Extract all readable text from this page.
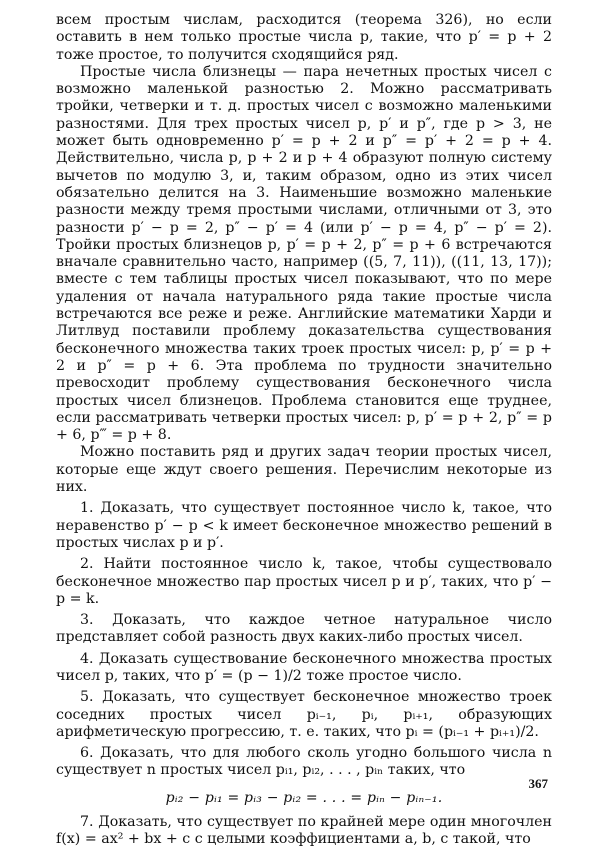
всем простым числам, расходится (теорема 326), но если оставить в нем только простые числа p, такие, что p′ = p + 2 тоже простое, то получится сходящийся ряд.

Простые числа близнецы — пара нечетных простых чисел с возможно маленькой разностью 2. Можно рассматривать тройки, четверки и т. д. простых чисел с возможно маленькими разностями. Для трех простых чисел p, p′ и p″, где p > 3, не может быть одновременно p′ = p + 2 и p″ = p′ + 2 = p + 4. Действительно, числа p, p + 2 и p + 4 образуют полную систему вычетов по модулю 3, и, таким образом, одно из этих чисел обязательно делится на 3. Наименьшие возможно маленькие разности между тремя простыми числами, отличными от 3, это разности p′ − p = 2, p″ − p′ = 4 (или p′ − p = 4, p″ − p′ = 2). Тройки простых близнецов p, p′ = p + 2, p″ = p + 6 встречаются вначале сравнительно часто, например ((5, 7, 11)), ((11, 13, 17)); вместе с тем таблицы простых чисел показывают, что по мере удаления от начала натурального ряда такие простые числа встречаются все реже и реже. Английские математики Харди и Литлвуд поставили проблему доказательства существования бесконечного множества таких троек простых чисел: p, p′ = p + 2 и p″ = p + 6. Эта проблема по трудности значительно превосходит проблему существования бесконечного числа простых чисел близнецов. Проблема становится еще труднее, если рассматривать четверки простых чисел: p, p′ = p + 2, p″ = p + 6, p‴ = p + 8.

Можно поставить ряд и других задач теории простых чисел, которые еще ждут своего решения. Перечислим некоторые из них.

1. Доказать, что существует постоянное число k, такое, что неравенство p′ − p < k имеет бесконечное множество решений в простых числах p и p′.

2. Найти постоянное число k, такое, чтобы существовало бесконечное множество пар простых чисел p и p′, таких, что p′ − p = k.

3. Доказать, что каждое четное натуральное число представляет собой разность двух каких-либо простых чисел.

4. Доказать существование бесконечного множества простых чисел p, таких, что p′ = (p − 1)/2 тоже простое число.

5. Доказать, что существует бесконечное множество троек соседних простых чисел pᵢ₋₁, pᵢ, pᵢ₊₁, образующих арифметическую прогрессию, т. е. таких, что pᵢ = (pᵢ₋₁ + pᵢ₊₁)/2.

6. Доказать, что для любого сколь угодно большого числа n существует n простых чисел pᵢ₁, pᵢ₂, . . . , pᵢₙ таких, что

pᵢ₂ − pᵢ₁ = pᵢ₃ − pᵢ₂ = . . . = pᵢₙ − pᵢₙ₋₁.

7. Доказать, что существует по крайней мере один многочлен f(x) = ax² + bx + c с целыми коэффициентами a, b, c такой, что

367
